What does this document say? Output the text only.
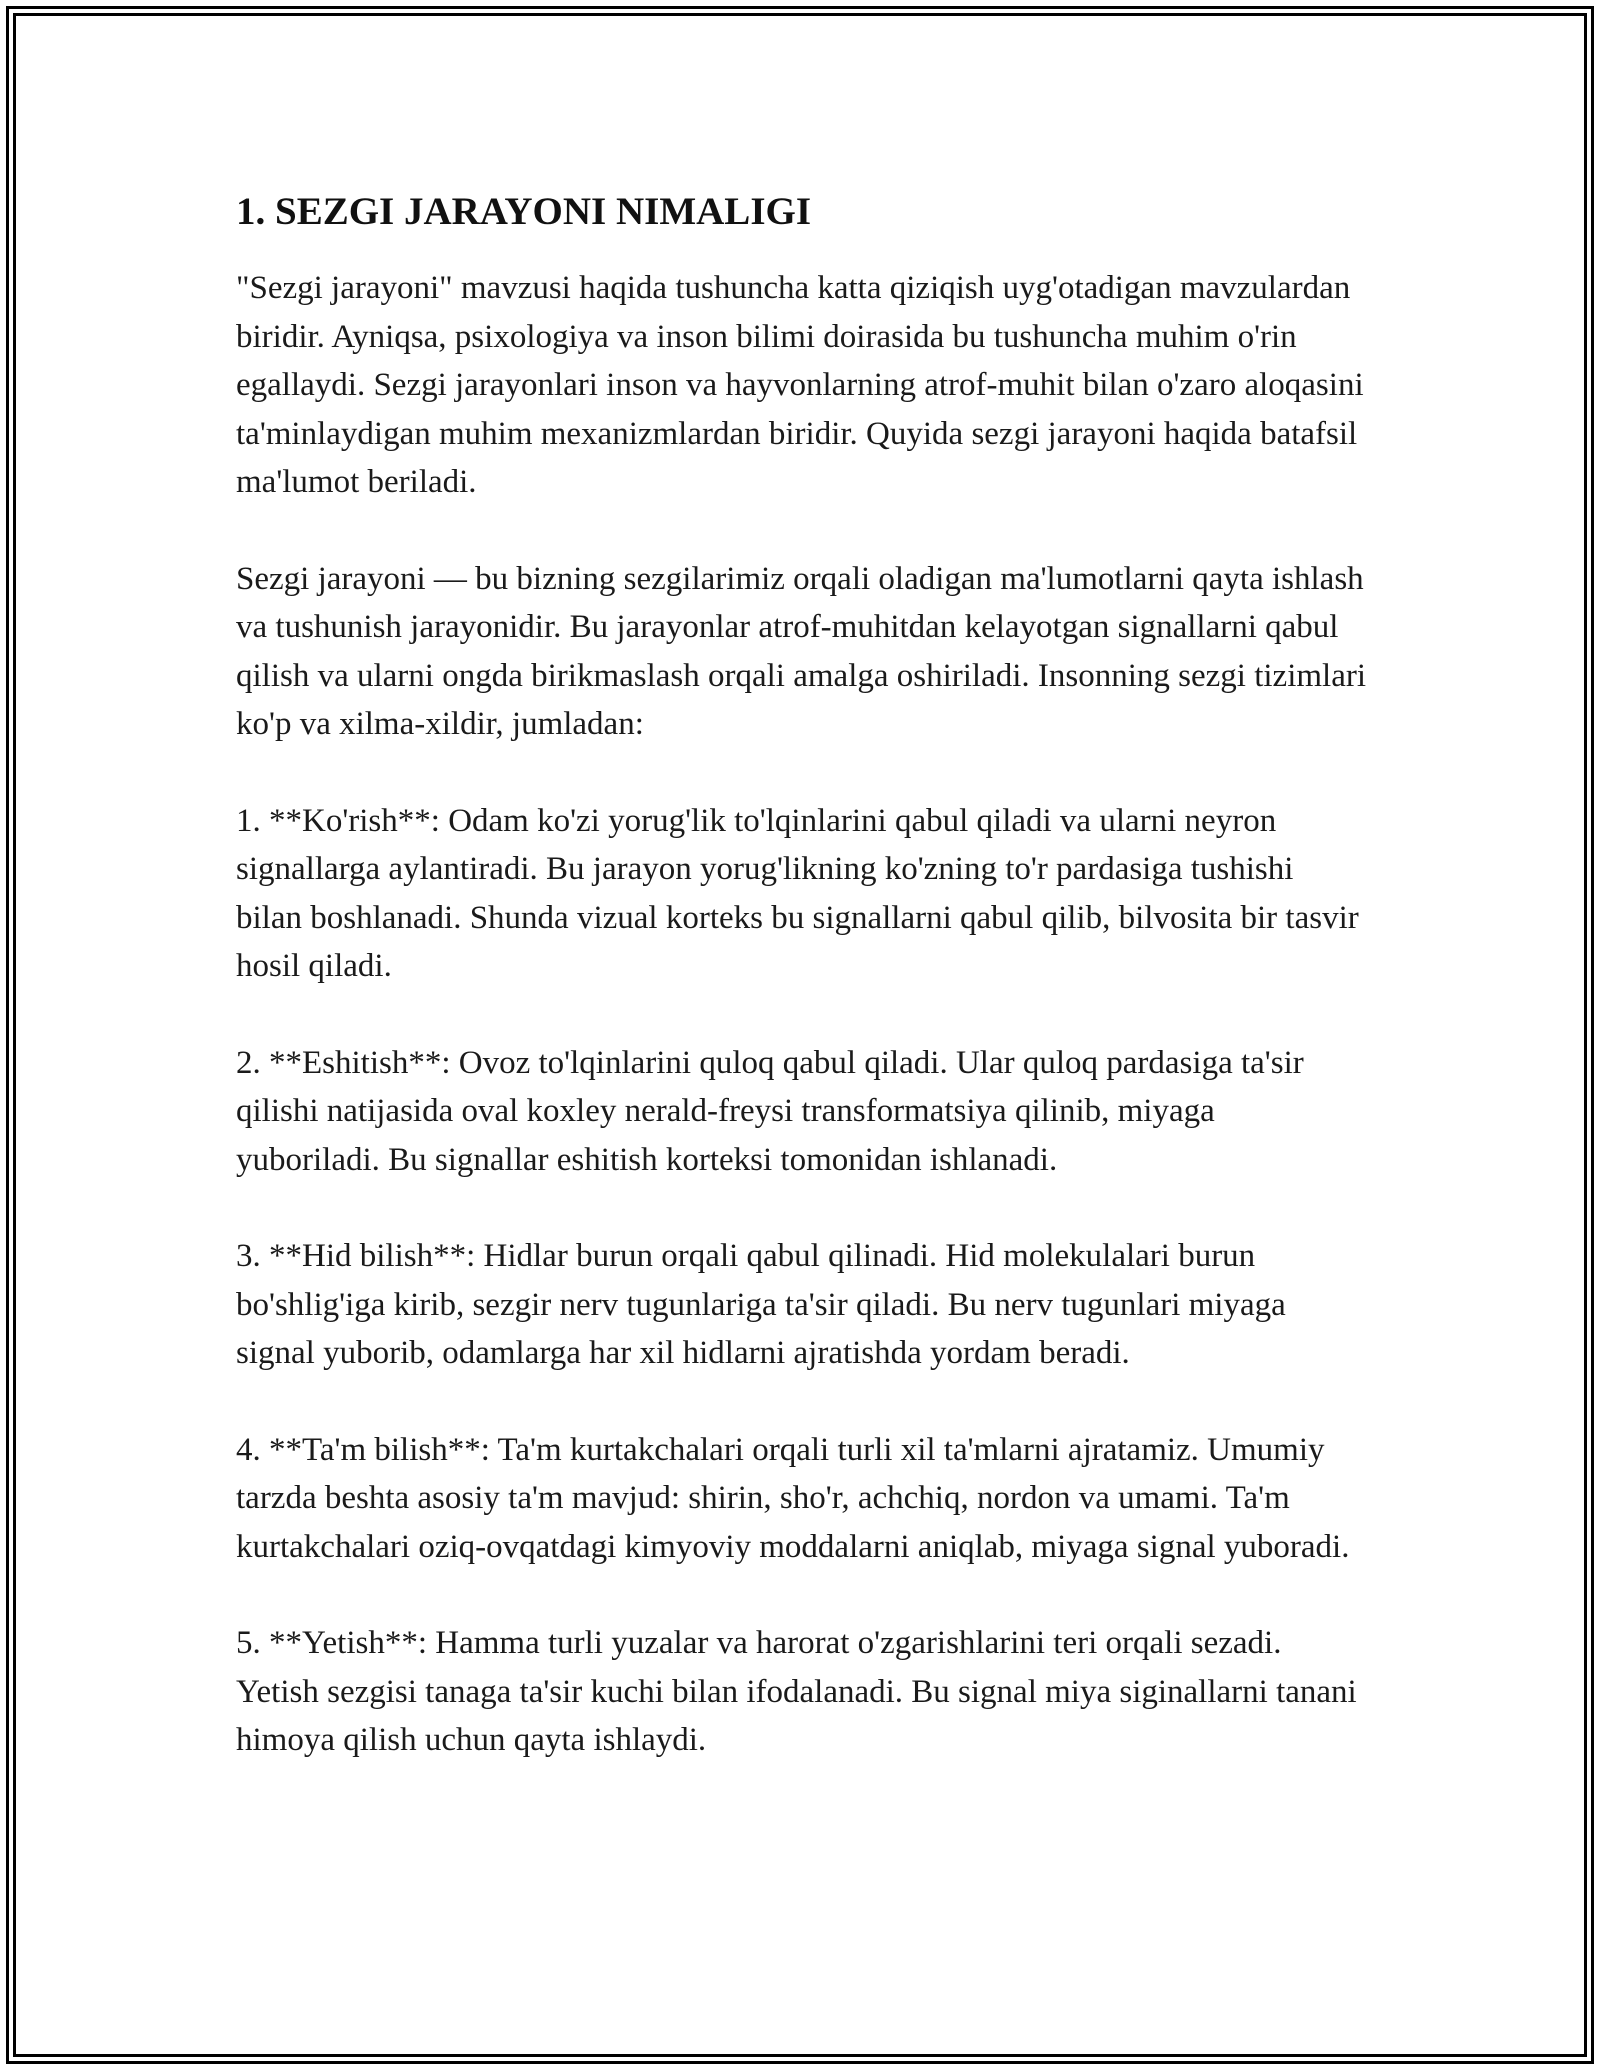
1. SEZGI JARAYONI NIMALIGI

"Sezgi jarayoni" mavzusi haqida tushuncha katta qiziqish uyg'otadigan mavzulardan biridir. Ayniqsa, psixologiya va inson bilimi doirasida bu tushuncha muhim o'rin egallaydi. Sezgi jarayonlari inson va hayvonlarning atrof-muhit bilan o'zaro aloqasini ta'minlaydigan muhim mexanizmlardan biridir. Quyida sezgi jarayoni haqida batafsil ma'lumot beriladi.

Sezgi jarayoni — bu bizning sezgilarimiz orqali oladigan ma'lumotlarni qayta ishlash va tushunish jarayonidir. Bu jarayonlar atrof-muhitdan kelayotgan signallarni qabul qilish va ularni ongda birikmaslash orqali amalga oshiriladi. Insonning sezgi tizimlari ko'p va xilma-xildir, jumladan:

1. **Ko'rish**: Odam ko'zi yorug'lik to'lqinlarini qabul qiladi va ularni neyron signallarga aylantiradi. Bu jarayon yorug'likning ko'zning to'r pardasiga tushishi bilan boshlanadi. Shunda vizual korteks bu signallarni qabul qilib, bilvosita bir tasvir hosil qiladi.

2. **Eshitish**: Ovoz to'lqinlarini quloq qabul qiladi. Ular quloq pardasiga ta'sir qilishi natijasida oval koxley nerald-freysi transformatsiya qilinib, miyaga yuboriladi. Bu signallar eshitish korteksi tomonidan ishlanadi.

3. **Hid bilish**: Hidlar burun orqali qabul qilinadi. Hid molekulalari burun bo'shlig'iga kirib, sezgir nerv tugunlariga ta'sir qiladi. Bu nerv tugunlari miyaga signal yuborib, odamlarga har xil hidlarni ajratishda yordam beradi.

4. **Ta'm bilish**: Ta'm kurtakchalari orqali turli xil ta'mlarni ajratamiz. Umumiy tarzda beshta asosiy ta'm mavjud: shirin, sho'r, achchiq, nordon va umami. Ta'm kurtakchalari oziq-ovqatdagi kimyoviy moddalarni aniqlab, miyaga signal yuboradi.

5. **Yetish**: Hamma turli yuzalar va harorat o'zgarishlarini teri orqali sezadi. Yetish sezgisi tanaga ta'sir kuchi bilan ifodalanadi. Bu signal miya siginallarni tanani himoya qilish uchun qayta ishlaydi.
